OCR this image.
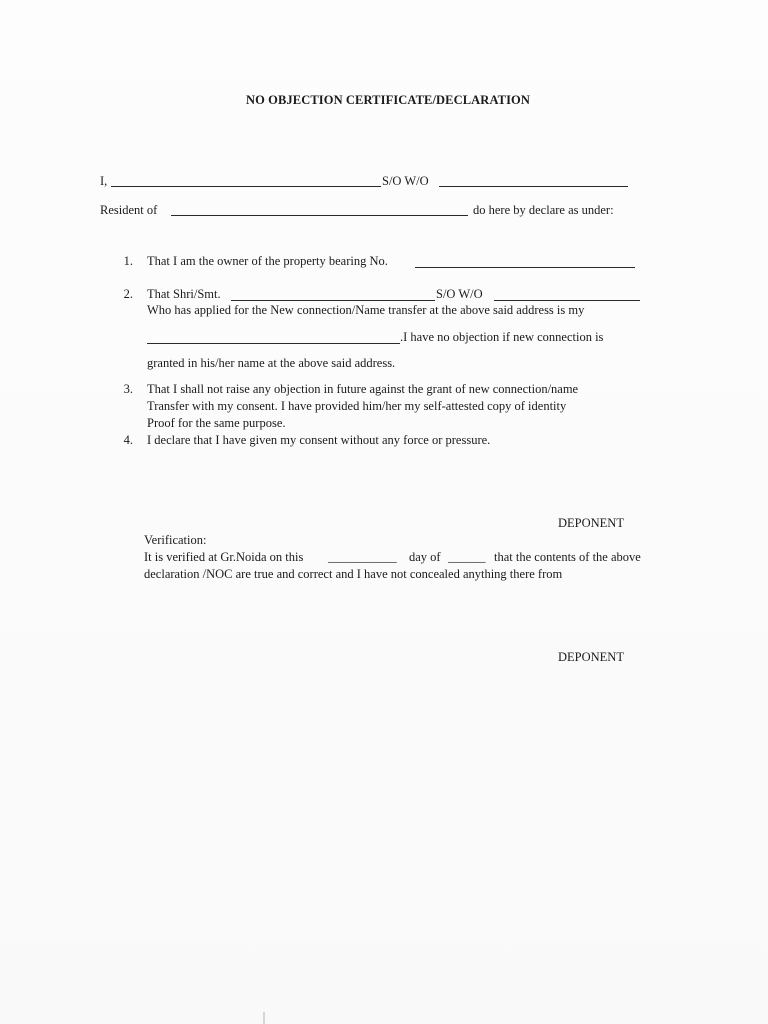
NO OBJECTION CERTIFICATE/DECLARATION
I,	S/O W/O
Resident of	do here by declare as under:
1. That I am the owner of the property bearing No.
2. That Shri/Smt.	S/O W/O
Who has applied for the New connection/Name transfer at the above said address is my
.I have no objection if new connection is
granted in his/her name at the above said address.
3. That I shall not raise any objection in future against the grant of new connection/name
Transfer with my consent. I have provided him/her my self-attested copy of identity
Proof for the same purpose.
4. I declare that I have given my consent without any force or pressure.
DEPONENT
Verification:
It is verified at Gr.Noida on this ___________ day of ______ that the contents of the above
declaration /NOC are true and correct and I have not concealed anything there from
DEPONENT
